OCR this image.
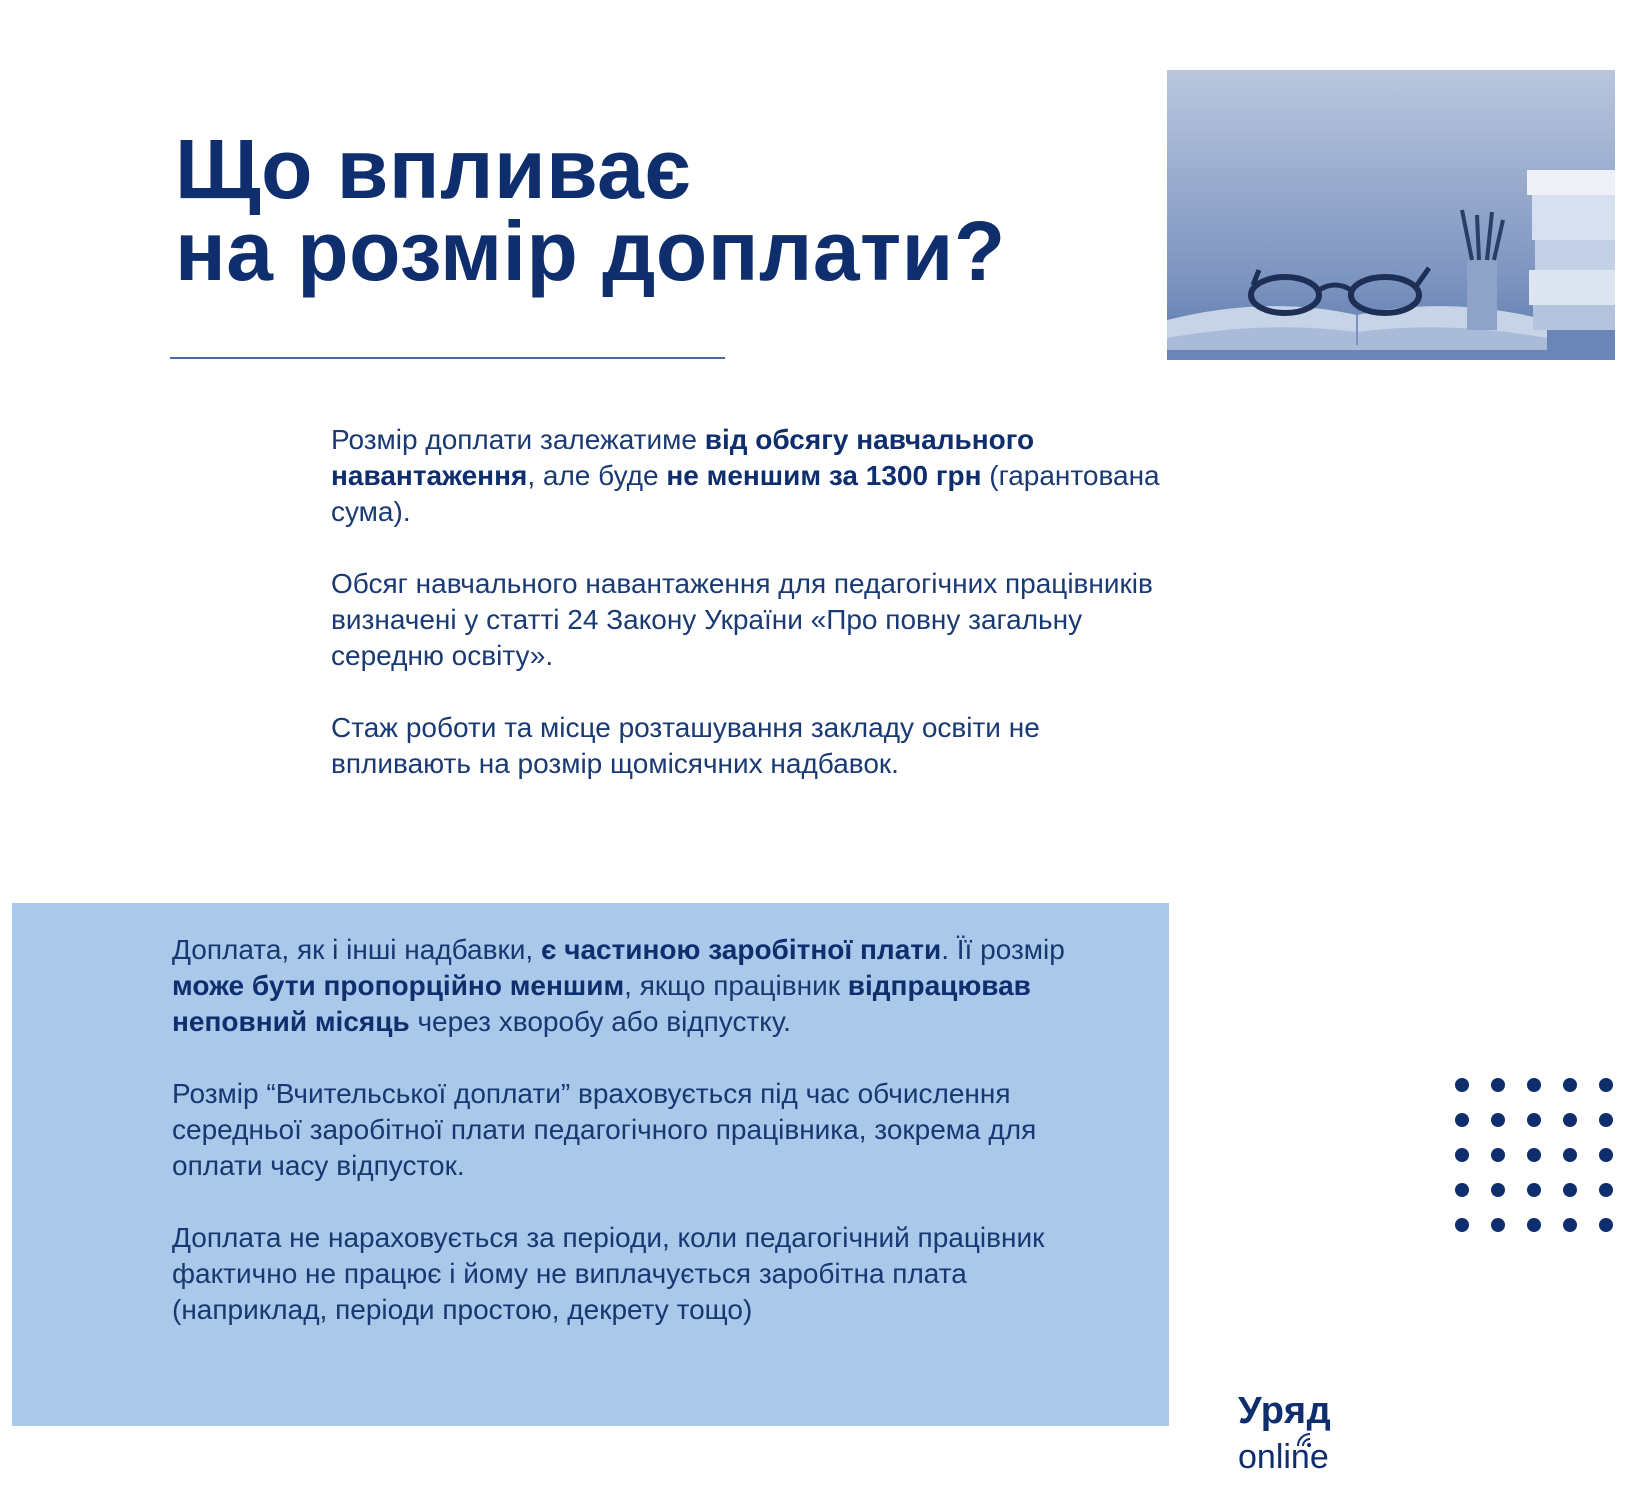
Що впливає
на розмір доплати?

Розмір доплати залежатиме від обсягу навчального навантаження, але буде не меншим за 1300 грн (гарантована сума).

Обсяг навчального навантаження для педагогічних працівників визначені у статті 24 Закону України «Про повну загальну середню освіту».

Стаж роботи та місце розташування закладу освіти не впливають на розмір щомісячних надбавок.

Доплата, як і інші надбавки, є частиною заробітної плати. Її розмір може бути пропорційно меншим, якщо працівник відпрацював неповний місяць через хворобу або відпустку.

Розмір “Вчительської доплати” враховується під час обчислення середньої заробітної плати педагогічного працівника, зокрема для оплати часу відпусток.

Доплата не нараховується за періоди, коли педагогічний працівник фактично не працює і йому не виплачується заробітна плата (наприклад, періоди простою, декрету тощо)

Уряд
online
